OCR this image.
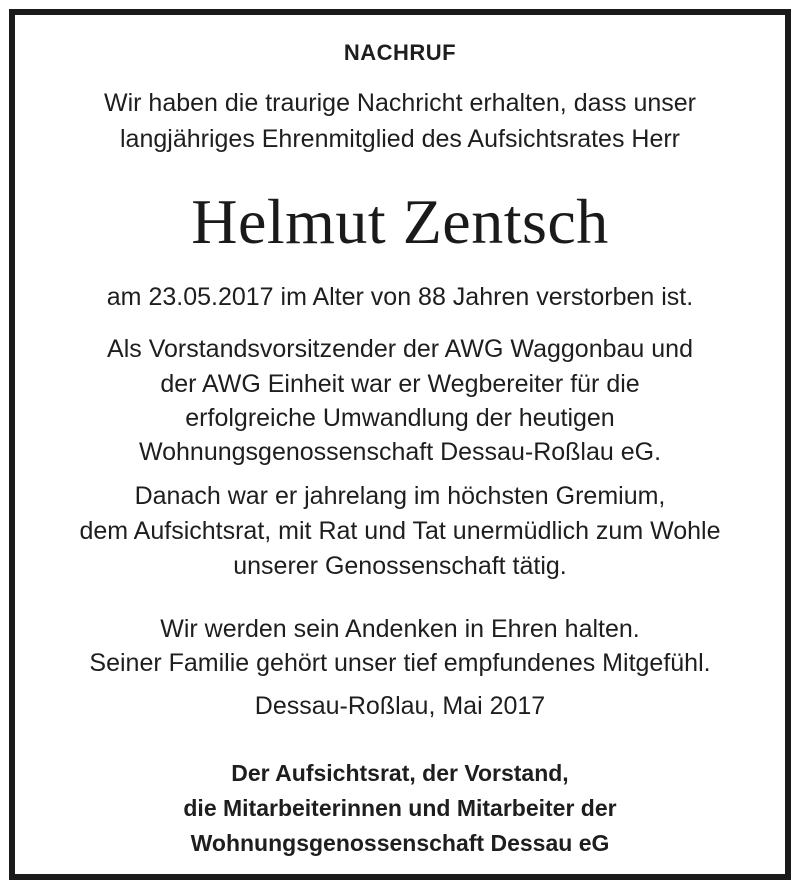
NACHRUF
Wir haben die traurige Nachricht erhalten, dass unser
langjähriges Ehrenmitglied des Aufsichtsrates Herr
Helmut Zentsch
am 23.05.2017 im Alter von 88 Jahren verstorben ist.
Als Vorstandsvorsitzender der AWG Waggonbau und
der AWG Einheit war er Wegbereiter für die
erfolgreiche Umwandlung der heutigen
Wohnungsgenossenschaft Dessau-Roßlau eG.
Danach war er jahrelang im höchsten Gremium,
dem Aufsichtsrat, mit Rat und Tat unermüdlich zum Wohle
unserer Genossenschaft tätig.
Wir werden sein Andenken in Ehren halten.
Seiner Familie gehört unser tief empfundenes Mitgefühl.
Dessau-Roßlau, Mai 2017
Der Aufsichtsrat, der Vorstand,
die Mitarbeiterinnen und Mitarbeiter der
Wohnungsgenossenschaft Dessau eG
